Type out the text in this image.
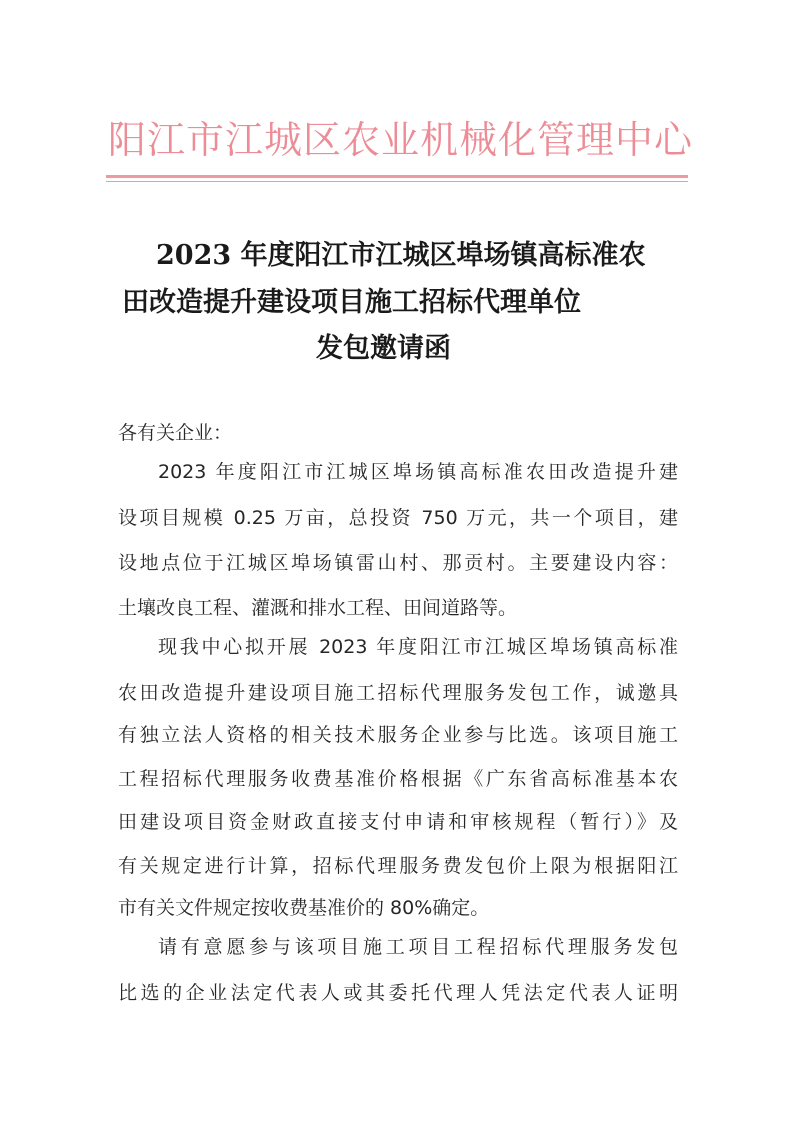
阳江市江城区农业机械化管理中心
2023 年度阳江市江城区埠场镇高标准农
田改造提升建设项目施工招标代理单位
发包邀请函
各有关企业：
2023 年度阳江市江城区埠场镇高标准农田改造提升建
设项目规模 0.25 万亩，总投资 750 万元，共一个项目，建
设地点位于江城区埠场镇雷山村、那贡村。主要建设内容：
土壤改良工程、灌溉和排水工程、田间道路等。
现我中心拟开展 2023 年度阳江市江城区埠场镇高标准
农田改造提升建设项目施工招标代理服务发包工作，诚邀具
有独立法人资格的相关技术服务企业参与比选。该项目施工
工程招标代理服务收费基准价格根据《广东省高标准基本农
田建设项目资金财政直接支付申请和审核规程（暂行）》及
有关规定进行计算，招标代理服务费发包价上限为根据阳江
市有关文件规定按收费基准价的 80%确定。
请有意愿参与该项目施工项目工程招标代理服务发包
比选的企业法定代表人或其委托代理人凭法定代表人证明
